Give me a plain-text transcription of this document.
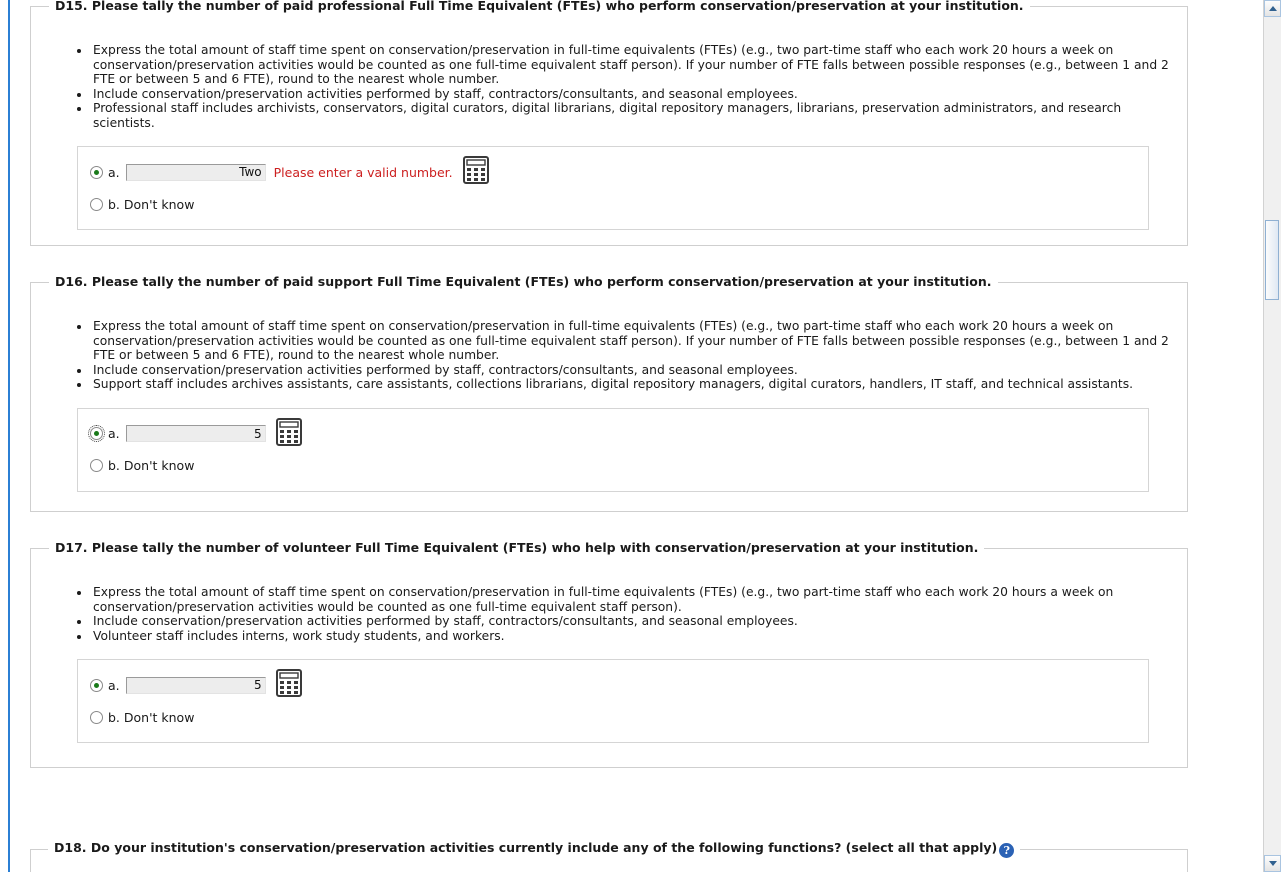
D15. Please tally the number of paid professional Full Time Equivalent (FTEs) who perform conservation/preservation at your institution.
• Express the total amount of staff time spent on conservation/preservation in full-time equivalents (FTEs) (e.g., two part-time staff who each work 20 hours a week on conservation/preservation activities would be counted as one full-time equivalent staff person). If your number of FTE falls between possible responses (e.g., between 1 and 2 FTE or between 5 and 6 FTE), round to the nearest whole number.
• Include conservation/preservation activities performed by staff, contractors/consultants, and seasonal employees.
• Professional staff includes archivists, conservators, digital curators, digital librarians, digital repository managers, librarians, preservation administrators, and research scientists.
a.
Two	Please enter a valid number.
b. Don't know
D16. Please tally the number of paid support Full Time Equivalent (FTEs) who perform conservation/preservation at your institution.
• Express the total amount of staff time spent on conservation/preservation in full-time equivalents (FTEs) (e.g., two part-time staff who each work 20 hours a week on conservation/preservation activities would be counted as one full-time equivalent staff person). If your number of FTE falls between possible responses (e.g., between 1 and 2 FTE or between 5 and 6 FTE), round to the nearest whole number.
• Include conservation/preservation activities performed by staff, contractors/consultants, and seasonal employees.
• Support staff includes archives assistants, care assistants, collections librarians, digital repository managers, digital curators, handlers, IT staff, and technical assistants.
a.
5
b. Don't know
D17. Please tally the number of volunteer Full Time Equivalent (FTEs) who help with conservation/preservation at your institution.
• Express the total amount of staff time spent on conservation/preservation in full-time equivalents (FTEs) (e.g., two part-time staff who each work 20 hours a week on conservation/preservation activities would be counted as one full-time equivalent staff person).
• Include conservation/preservation activities performed by staff, contractors/consultants, and seasonal employees.
• Volunteer staff includes interns, work study students, and workers.
a.
5
b. Don't know
D18. Do your institution's conservation/preservation activities currently include any of the following functions? (select all that apply) ?
